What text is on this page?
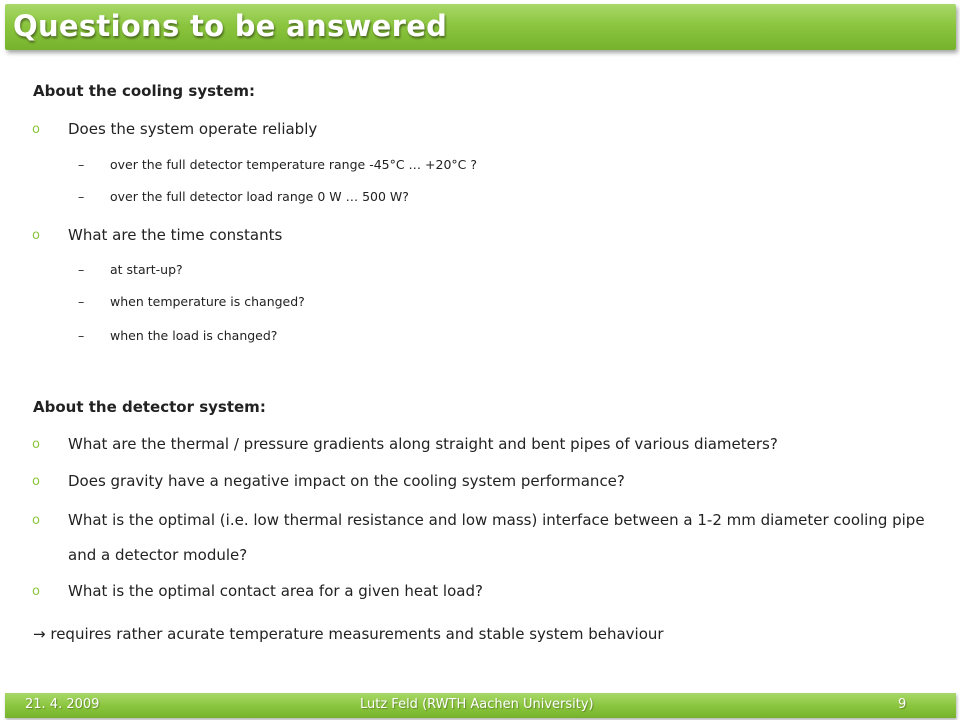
Questions to be answered
About the cooling system:
o Does the system operate reliably
– over the full detector temperature range -45°C … +20°C ?
– over the full detector load range 0 W … 500 W?
o What are the time constants
– at start-up?
– when temperature is changed?
– when the load is changed?
About the detector system:
o What are the thermal / pressure gradients along straight and bent pipes of various diameters?
o Does gravity have a negative impact on the cooling system performance?
o What is the optimal (i.e. low thermal resistance and low mass) interface between a 1-2 mm diameter cooling pipe and a detector module?
o What is the optimal contact area for a given heat load?
→ requires rather acurate temperature measurements and stable system behaviour
21. 4. 2009	Lutz Feld (RWTH Aachen University)	9
